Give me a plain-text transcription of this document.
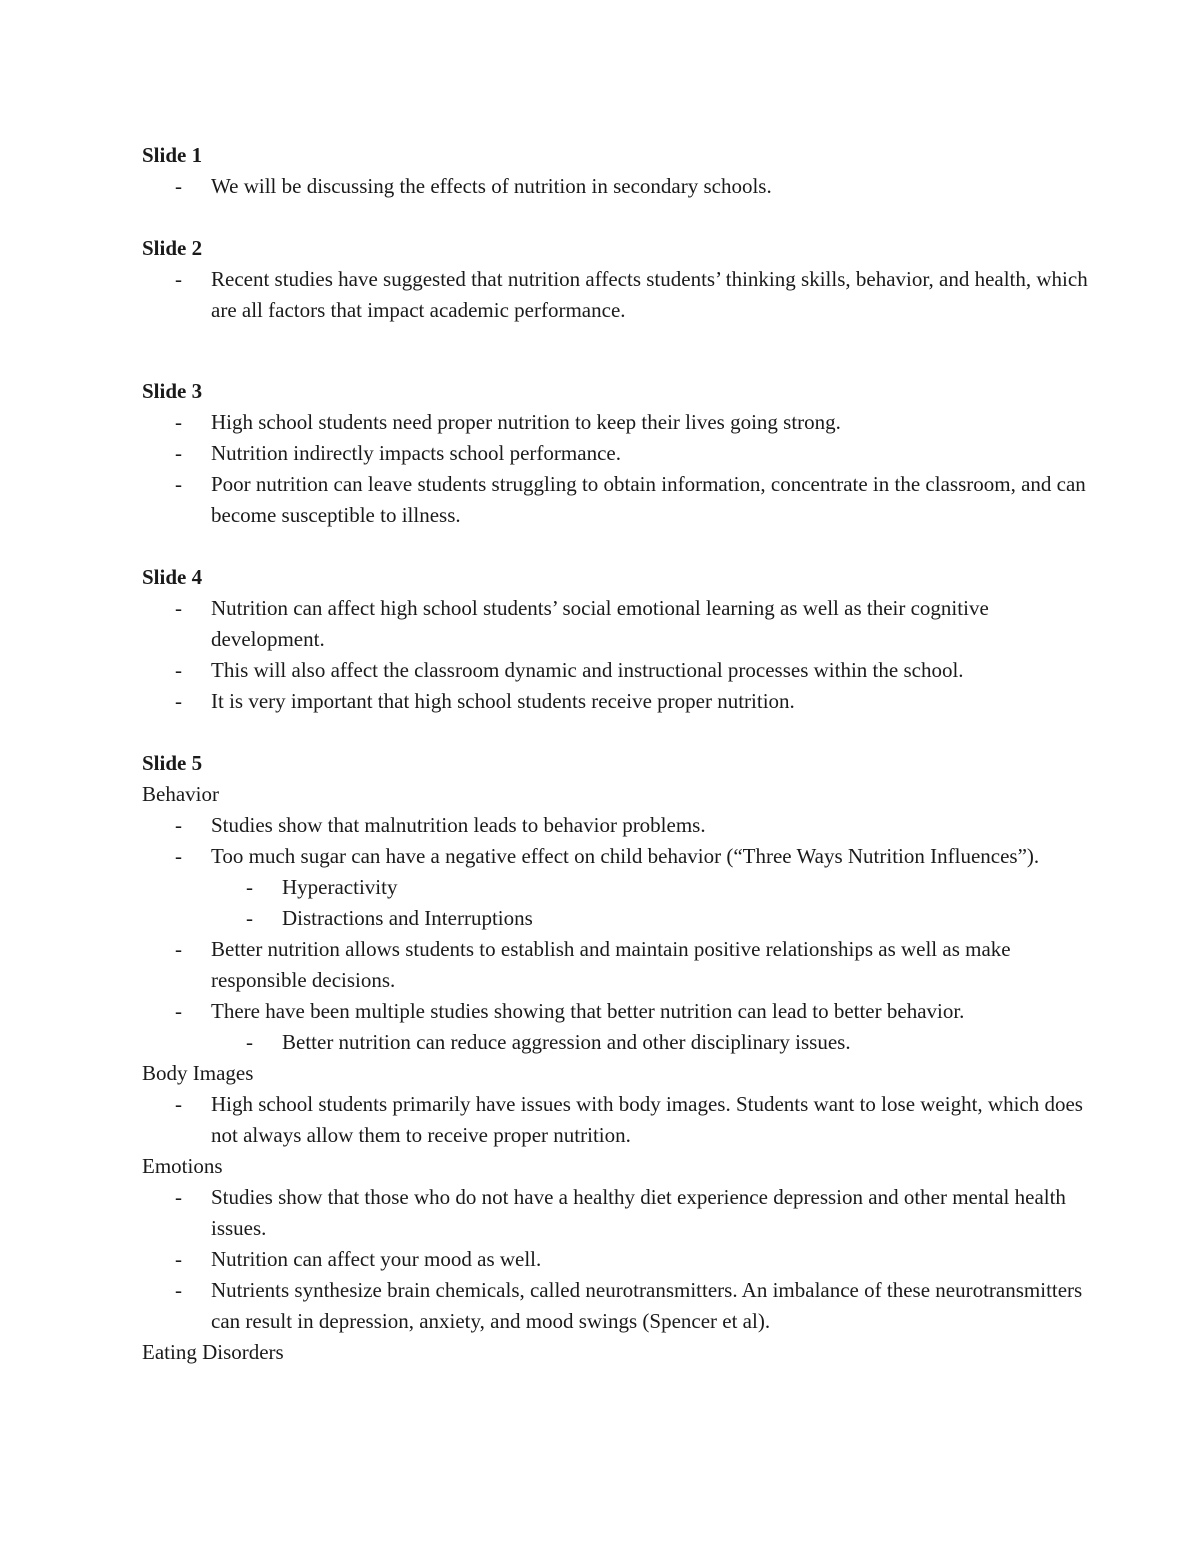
Slide 1

- We will be discussing the effects of nutrition in secondary schools.

Slide 2

- Recent studies have suggested that nutrition affects students’ thinking skills, behavior, and health, which are all factors that impact academic performance.

Slide 3

- High school students need proper nutrition to keep their lives going strong.
- Nutrition indirectly impacts school performance.
- Poor nutrition can leave students struggling to obtain information, concentrate in the classroom, and can become susceptible to illness.

Slide 4

- Nutrition can affect high school students’ social emotional learning as well as their cognitive development.
- This will also affect the classroom dynamic and instructional processes within the school.
- It is very important that high school students receive proper nutrition.

Slide 5

Behavior

- Studies show that malnutrition leads to behavior problems.
- Too much sugar can have a negative effect on child behavior (“Three Ways Nutrition Influences”).
- Hyperactivity
- Distractions and Interruptions
- Better nutrition allows students to establish and maintain positive relationships as well as make responsible decisions.
- There have been multiple studies showing that better nutrition can lead to better behavior.
- Better nutrition can reduce aggression and other disciplinary issues.

Body Images

- High school students primarily have issues with body images. Students want to lose weight, which does not always allow them to receive proper nutrition.

Emotions

- Studies show that those who do not have a healthy diet experience depression and other mental health issues.
- Nutrition can affect your mood as well.
- Nutrients synthesize brain chemicals, called neurotransmitters. An imbalance of these neurotransmitters can result in depression, anxiety, and mood swings (Spencer et al).

Eating Disorders
